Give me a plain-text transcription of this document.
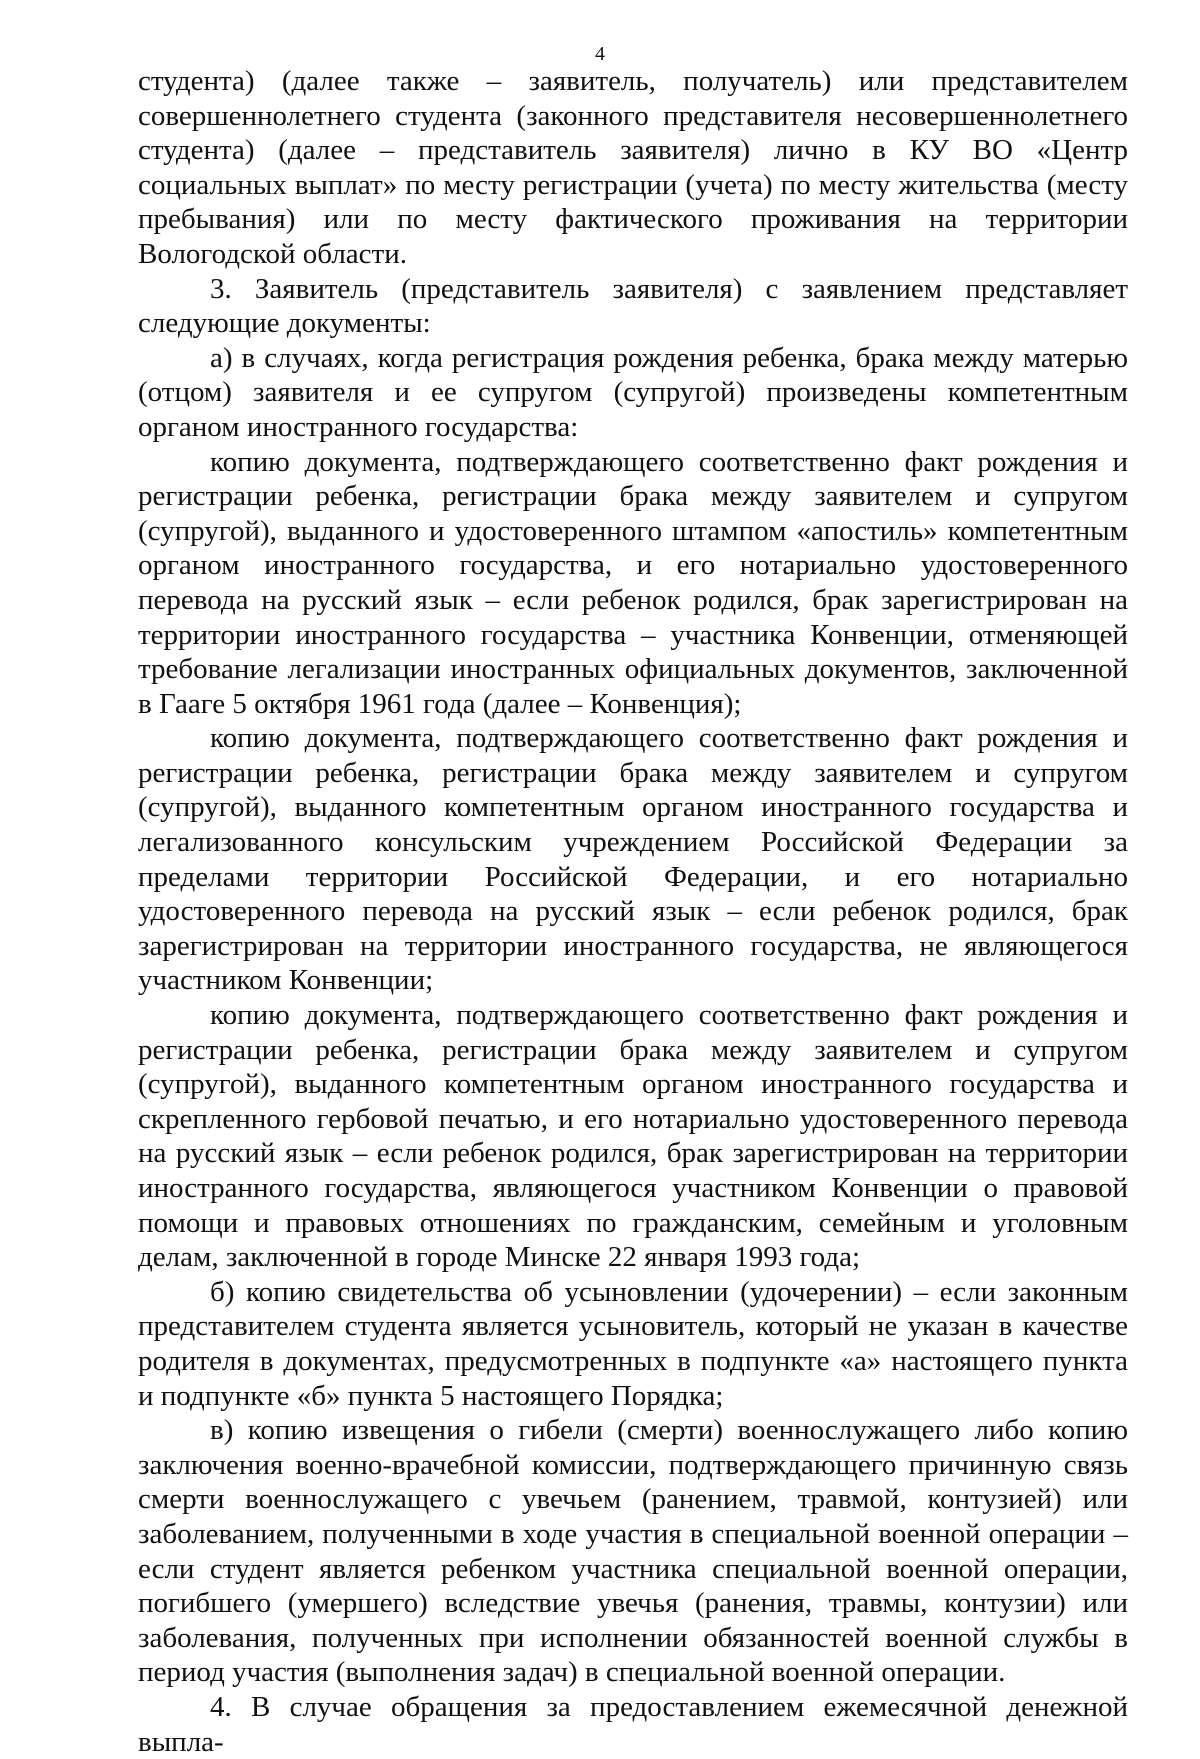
4

студента) (далее также – заявитель, получатель) или представителем совершеннолетнего студента (законного представителя несовершеннолетнего студента) (далее – представитель заявителя) лично в КУ ВО «Центр социальных выплат» по месту регистрации (учета) по месту жительства (месту пребывания) или по месту фактического проживания на территории Вологодской области.

3. Заявитель (представитель заявителя) с заявлением представляет следующие документы:

а) в случаях, когда регистрация рождения ребенка, брака между матерью (отцом) заявителя и ее супругом (супругой) произведены компетентным органом иностранного государства:

копию документа, подтверждающего соответственно факт рождения и регистрации ребенка, регистрации брака между заявителем и супругом (супругой), выданного и удостоверенного штампом «апостиль» компетентным органом иностранного государства, и его нотариально удостоверенного перевода на русский язык – если ребенок родился, брак зарегистрирован на территории иностранного государства – участника Конвенции, отменяющей требование легализации иностранных официальных документов, заключенной в Гааге 5 октября 1961 года (далее – Конвенция);

копию документа, подтверждающего соответственно факт рождения и регистрации ребенка, регистрации брака между заявителем и супругом (супругой), выданного компетентным органом иностранного государства и легализованного консульским учреждением Российской Федерации за пределами территории Российской Федерации, и его нотариально удостоверенного перевода на русский язык – если ребенок родился, брак зарегистрирован на территории иностранного государства, не являющегося участником Конвенции;

копию документа, подтверждающего соответственно факт рождения и регистрации ребенка, регистрации брака между заявителем и супругом (супругой), выданного компетентным органом иностранного государства и скрепленного гербовой печатью, и его нотариально удостоверенного перевода на русский язык – если ребенок родился, брак зарегистрирован на территории иностранного государства, являющегося участником Конвенции о правовой помощи и правовых отношениях по гражданским, семейным и уголовным делам, заключенной в городе Минске 22 января 1993 года;

б) копию свидетельства об усыновлении (удочерении) – если законным представителем студента является усыновитель, который не указан в качестве родителя в документах, предусмотренных в подпункте «а» настоящего пункта и подпункте «б» пункта 5 настоящего Порядка;

в) копию извещения о гибели (смерти) военнослужащего либо копию заключения военно-врачебной комиссии, подтверждающего причинную связь смерти военнослужащего с увечьем (ранением, травмой, контузией) или заболеванием, полученными в ходе участия в специальной военной операции – если студент является ребенком участника специальной военной операции, погибшего (умершего) вследствие увечья (ранения, травмы, контузии) или заболевания, полученных при исполнении обязанностей военной службы в период участия (выполнения задач) в специальной военной операции.

4. В случае обращения за предоставлением ежемесячной денежной выпла-
